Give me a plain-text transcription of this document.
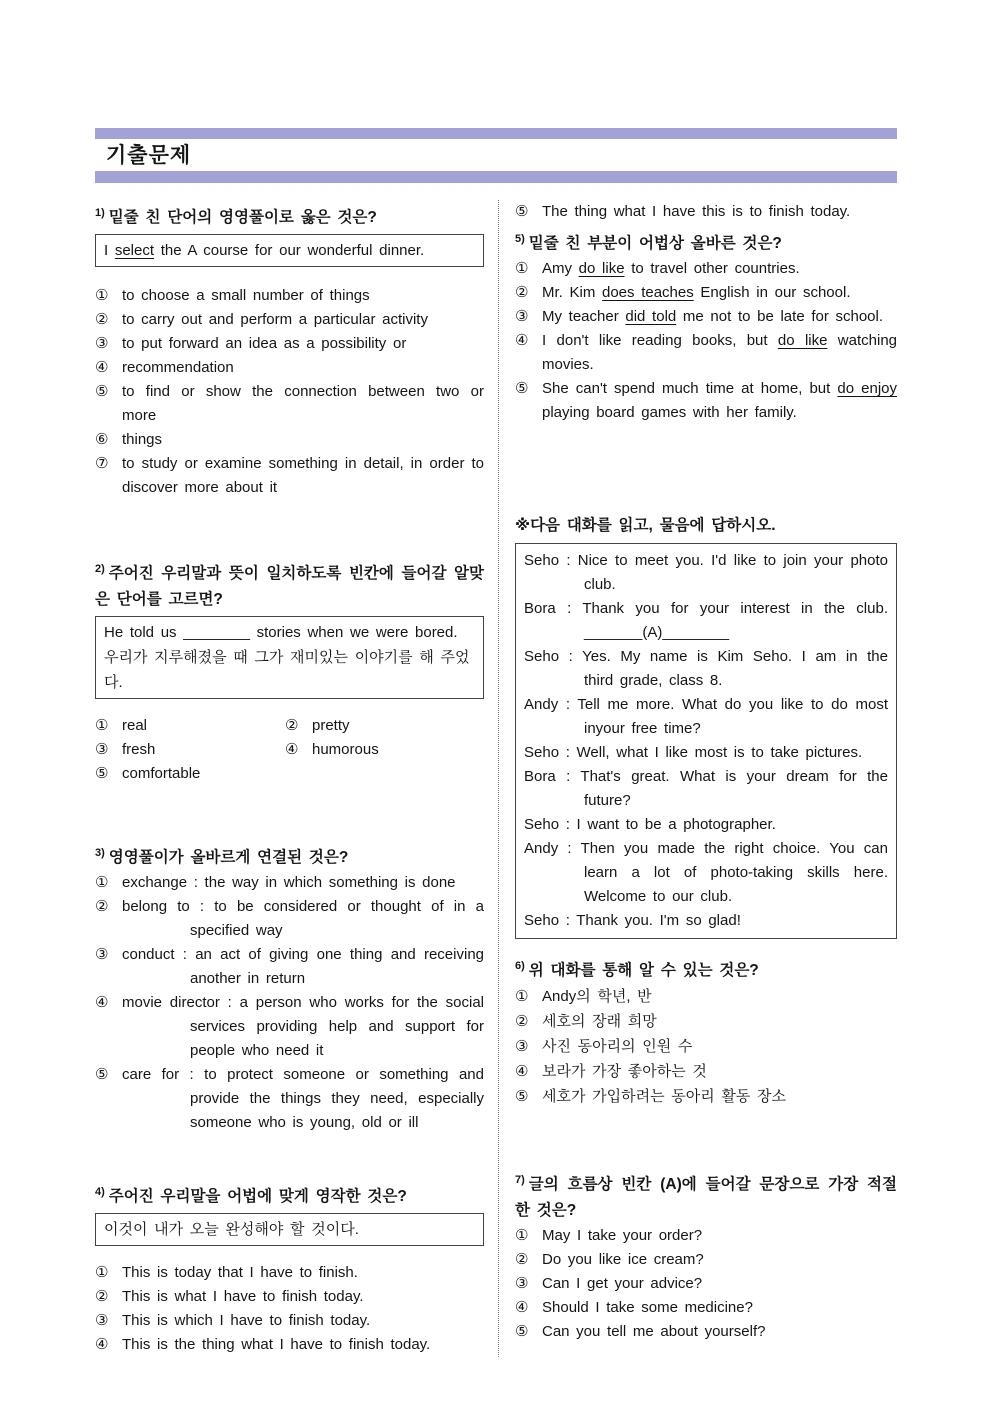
기출문제
$^{1)}$ 밑줄 친 단어의 영영풀이로 옳은 것은?
I select the A course for our wonderful dinner.
① to choose a small number of things
② to carry out and perform a particular activity
③ to put forward an idea as a possibility or
④ recommendation
⑤ to find or show the connection between two or more
⑥ things
⑦ to study or examine something in detail, in order to discover more about it
$^{2)}$ 주어진 우리말과 뜻이 일치하도록 빈칸에 들어갈 알맞은 단어를 고르면?
He told us ________ stories when we were bored.
우리가 지루해졌을 때 그가 재미있는 이야기를 해 주었다.
① real	② pretty
③ fresh	④ humorous
⑤ comfortable
$^{3)}$ 영영풀이가 올바르게 연결된 것은?
① exchange : the way in which something is done
② belong to : to be considered or thought of in a specified way
③ conduct : an act of giving one thing and receiving another in return
④ movie director : a person who works for the social services providing help and support for people who need it
⑤ care for : to protect someone or something and provide the things they need, especially someone who is young, old or ill
$^{4)}$ 주어진 우리말을 어법에 맞게 영작한 것은?
이것이 내가 오늘 완성해야 할 것이다.
① This is today that I have to finish.
② This is what I have to finish today.
③ This is which I have to finish today.
④ This is the thing what I have to finish today.
⑤ The thing what I have this is to finish today.
$^{5)}$ 밑줄 친 부분이 어법상 올바른 것은?
① Amy do like to travel other countries.
② Mr. Kim does teaches English in our school.
③ My teacher did told me not to be late for school.
④ I don't like reading books, but do like watching movies.
⑤ She can't spend much time at home, but do enjoy playing board games with her family.
※다음 대화를 읽고, 물음에 답하시오.
Seho : Nice to meet you. I'd like to join your photo club.
Bora : Thank you for your interest in the club. _______(A)________
Seho : Yes. My name is Kim Seho. I am in the third grade, class 8.
Andy : Tell me more. What do you like to do most inyour free time?
Seho : Well, what I like most is to take pictures.
Bora : That's great. What is your dream for the future?
Seho : I want to be a photographer.
Andy : Then you made the right choice. You can learn a lot of photo-taking skills here. Welcome to our club.
Seho : Thank you. I'm so glad!
$^{6)}$ 위 대화를 통해 알 수 있는 것은?
① Andy의 학년, 반
② 세호의 장래 희망
③ 사진 동아리의 인원 수
④ 보라가 가장 좋아하는 것
⑤ 세호가 가입하려는 동아리 활동 장소
$^{7)}$ 글의 흐름상 빈칸 (A)에 들어갈 문장으로 가장 적절한 것은?
① May I take your order?
② Do you like ice cream?
③ Can I get your advice?
④ Should I take some medicine?
⑤ Can you tell me about yourself?
